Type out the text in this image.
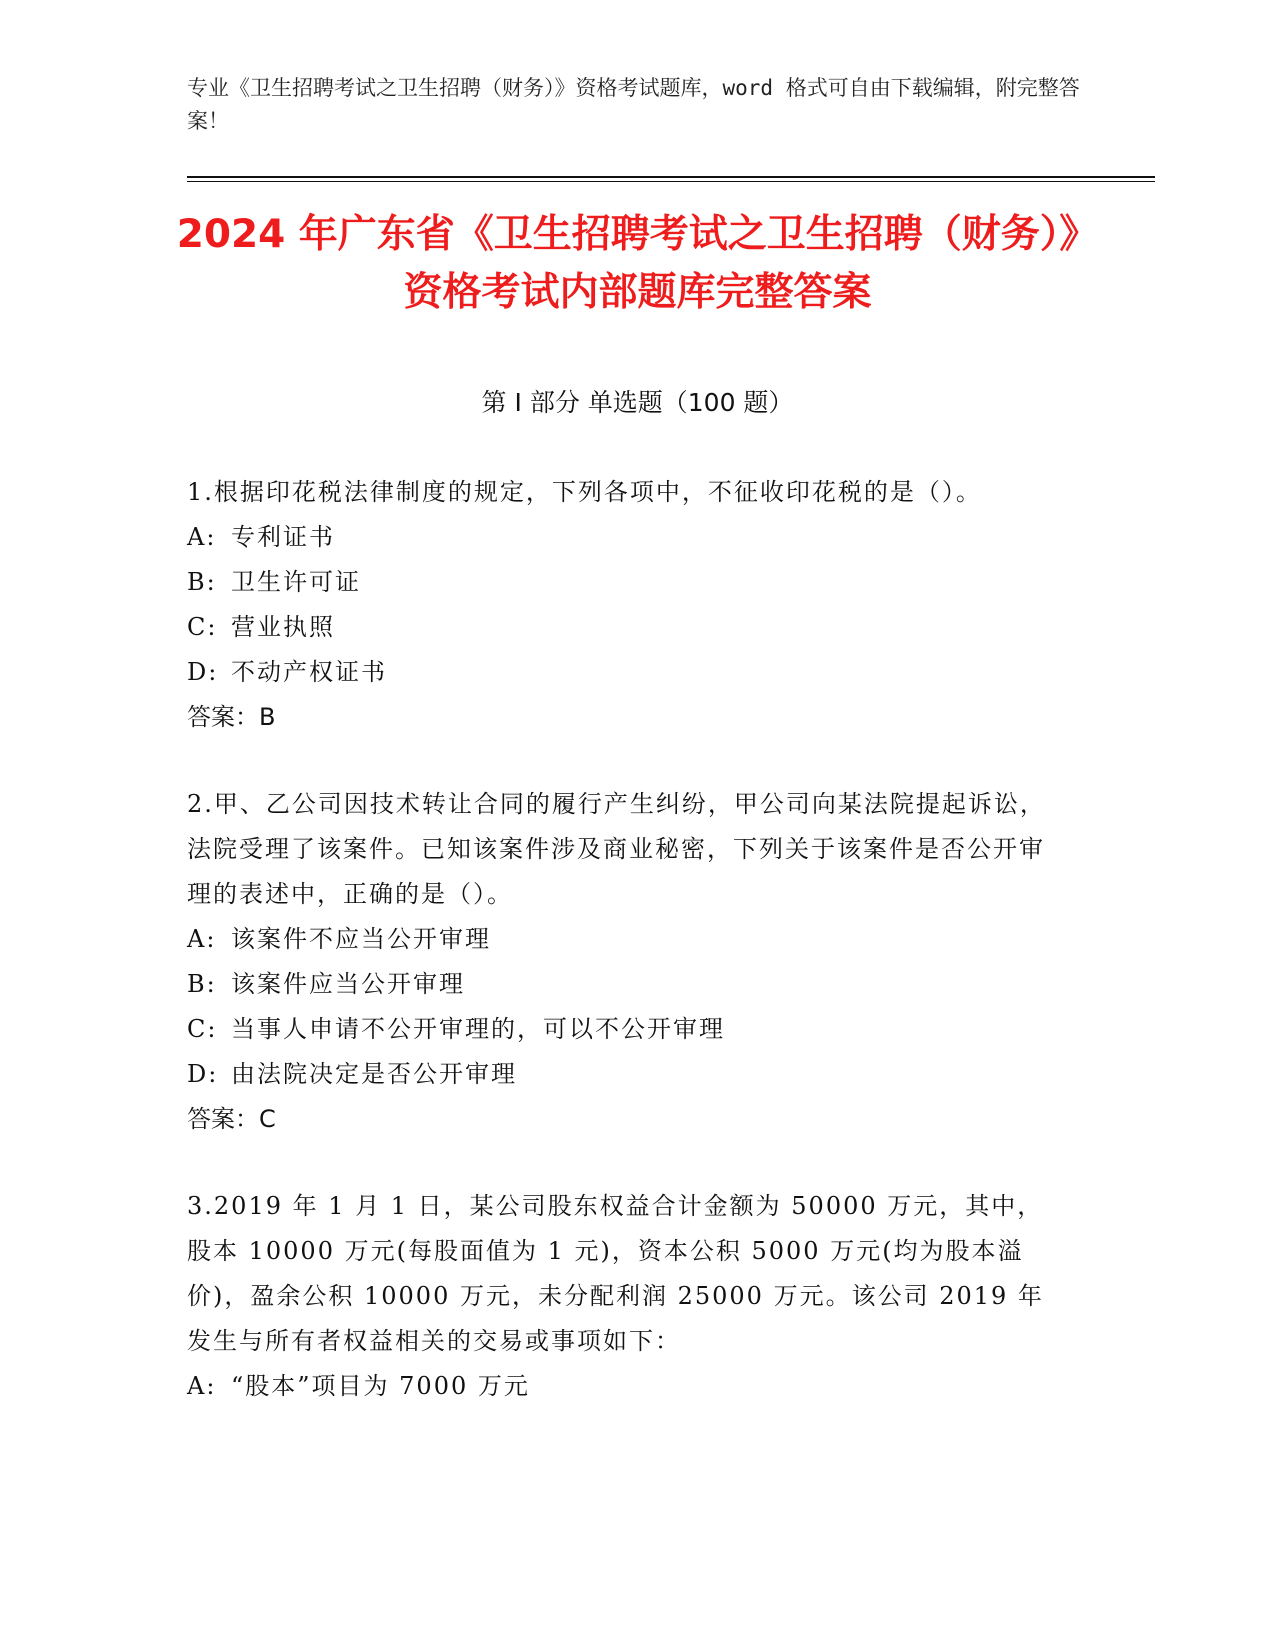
专业《卫生招聘考试之卫生招聘（财务）》资格考试题库，word 格式可自由下载编辑，附完整答案！
2024 年广东省《卫生招聘考试之卫生招聘（财务）》资格考试内部题库完整答案
第 I 部分 单选题（100 题）

1.根据印花税法律制度的规定，下列各项中，不征收印花税的是（）。

A: 专利证书

B: 卫生许可证

C: 营业执照

D: 不动产权证书

答案：B

2.甲、乙公司因技术转让合同的履行产生纠纷，甲公司向某法院提起诉讼，法院受理了该案件。已知该案件涉及商业秘密，下列关于该案件是否公开审理的表述中，正确的是（）。

A: 该案件不应当公开审理

B: 该案件应当公开审理

C: 当事人申请不公开审理的，可以不公开审理

D: 由法院决定是否公开审理

答案：C

3.2019 年 1 月 1 日，某公司股东权益合计金额为 50000 万元，其中，股本 10000 万元(每股面值为 1 元)，资本公积 5000 万元(均为股本溢价)，盈余公积 10000 万元，未分配利润 25000 万元。该公司 2019 年发生与所有者权益相关的交易或事项如下：

A: “股本”项目为 7000 万元
